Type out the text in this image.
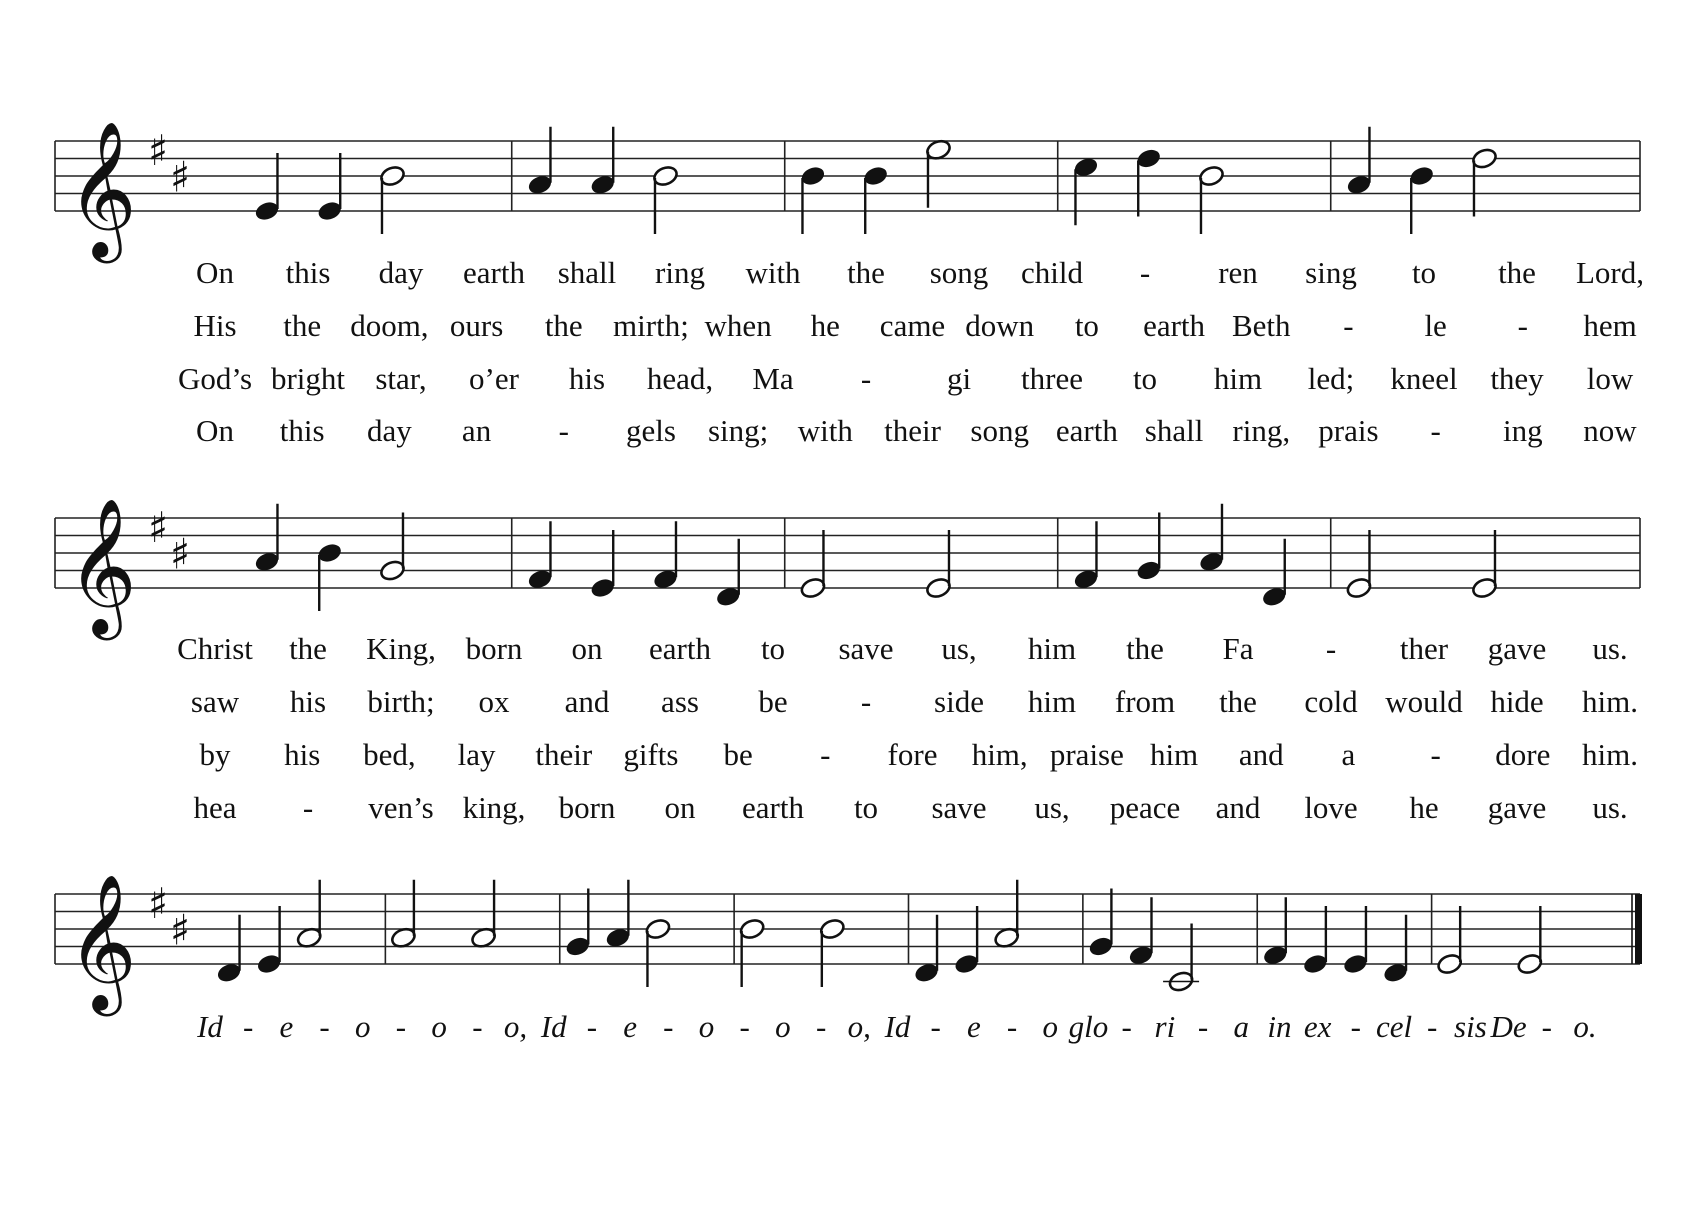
𝄞 ♯
♯
𝄞 ♯
♯
𝄞 ♯
♯
On this day earth shall ring with the song child - ren sing to the Lord,
His the doom, ours the mirth; when he came down to earth Beth - le - hem
God’s bright star, o’er his head, Ma - gi three to him led; kneel they low
On this day an - gels sing; with their song earth shall ring, prais - ing now
Christ the King, born on earth to save us, him the Fa - ther gave us.
saw his birth; ox and ass be - side him from the cold would hide him.
by his bed, lay their gifts be - fore him, praise him and a - dore him.
hea - ven’s king, born on earth to save us, peace and love he gave us.
Id - e - o - o - o, Id - e - o - o - o, Id - e - o glo - ri - a in ex - cel - sis De - o.
